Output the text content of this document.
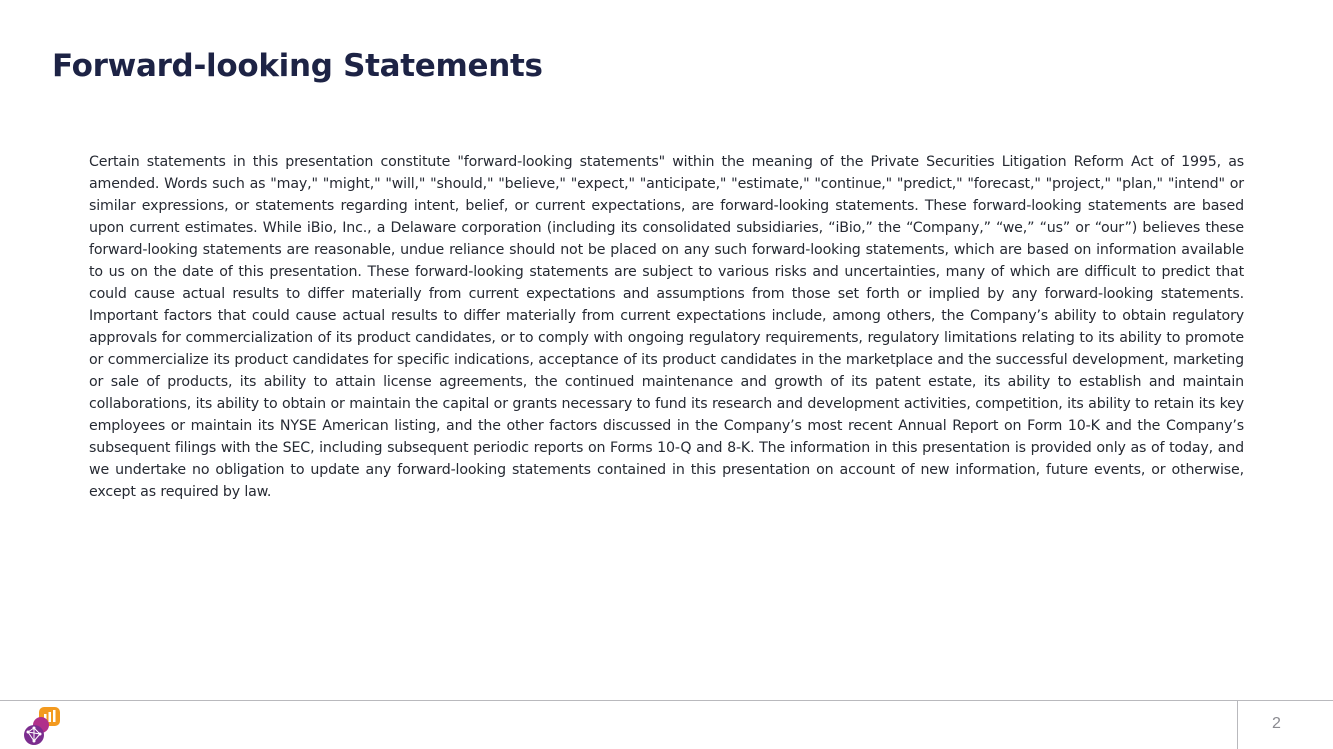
Forward-looking Statements

Certain statements in this presentation constitute "forward-looking statements" within the meaning of the Private Securities Litigation Reform Act of 1995, as amended. Words such as "may," "might," "will," "should," "believe," "expect," "anticipate," "estimate," "continue," "predict," "forecast," "project," "plan," "intend" or similar expressions, or statements regarding intent, belief, or current expectations, are forward-looking statements. These forward-looking statements are based upon current estimates. While iBio, Inc., a Delaware corporation (including its consolidated subsidiaries, “iBio,” the “Company,” “we,” “us” or “our”) believes these forward-looking statements are reasonable, undue reliance should not be placed on any such forward-looking statements, which are based on information available to us on the date of this presentation. These forward-looking statements are subject to various risks and uncertainties, many of which are difficult to predict that could cause actual results to differ materially from current expectations and assumptions from those set forth or implied by any forward-looking statements. Important factors that could cause actual results to differ materially from current expectations include, among others, the Company’s ability to obtain regulatory approvals for commercialization of its product candidates, or to comply with ongoing regulatory requirements, regulatory limitations relating to its ability to promote or commercialize its product candidates for specific indications, acceptance of its product candidates in the marketplace and the successful development, marketing or sale of products, its ability to attain license agreements, the continued maintenance and growth of its patent estate, its ability to establish and maintain collaborations, its ability to obtain or maintain the capital or grants necessary to fund its research and development activities, competition, its ability to retain its key employees or maintain its NYSE American listing, and the other factors discussed in the Company’s most recent Annual Report on Form 10-K and the Company’s subsequent filings with the SEC, including subsequent periodic reports on Forms 10-Q and 8-K. The information in this presentation is provided only as of today, and we undertake no obligation to update any forward-looking statements contained in this presentation on account of new information, future events, or otherwise, except as required by law.

2
